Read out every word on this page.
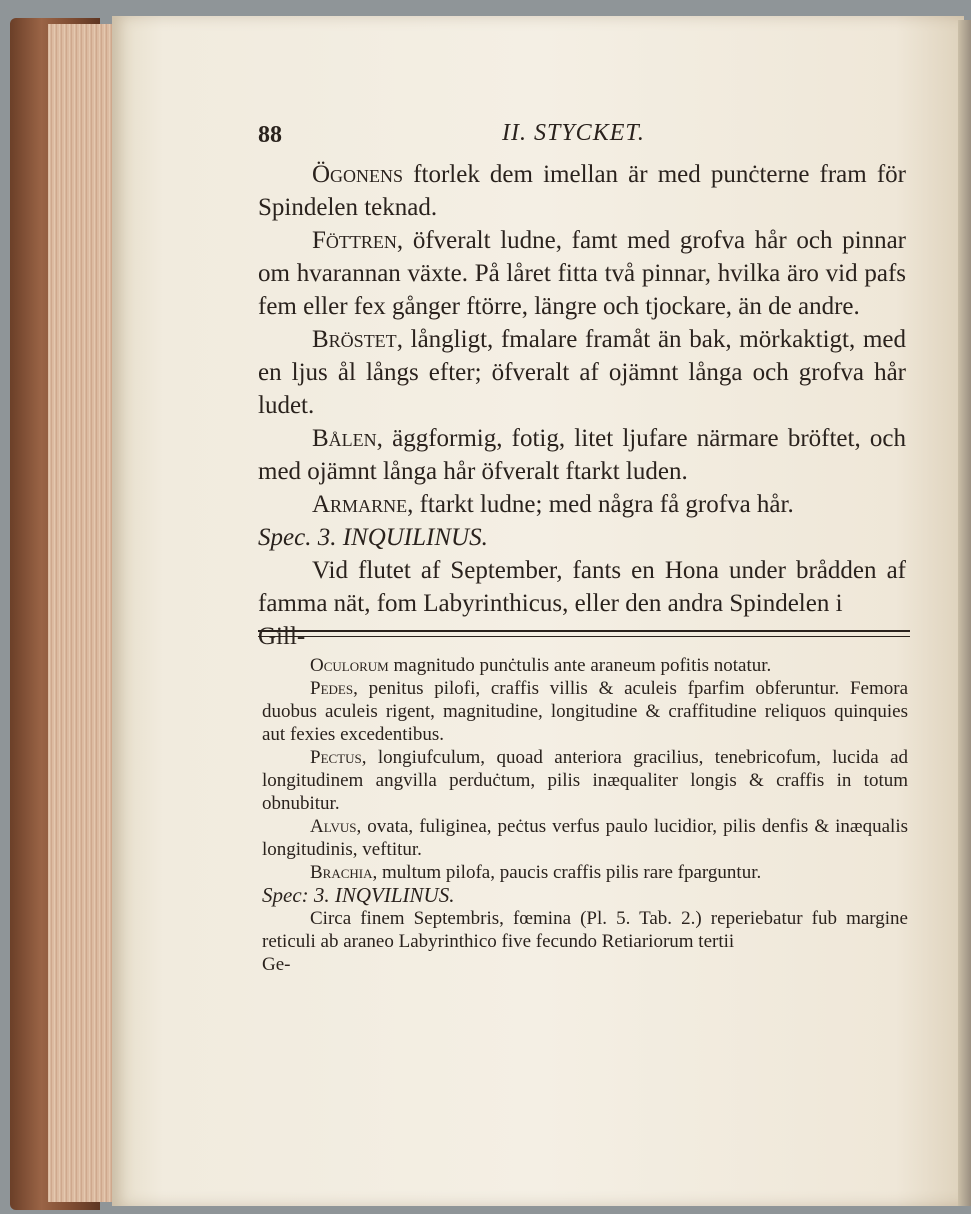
88	II. STYCKET.

Ögonens ftorlek dem imellan är med punċterne fram för Spindelen teknad.

Föttren, öfveralt ludne, famt med grofva hår och pinnar om hvarannan växte. På låret fitta två pinnar, hvilka äro vid pafs fem eller fex gånger ftörre, längre och tjockare, än de andre.

Bröstet, långligt, fmalare framåt än bak, mörkaktigt, med en ljus ål långs efter; öfveralt af ojämnt långa och grofva hår ludet.

Bålen, äggformig, fotig, litet ljufare närmare bröftet, och med ojämnt långa hår öfveralt ftarkt luden.

Armarne, ftarkt ludne; med några få grofva hår.

Spec. 3. INQUILINUS.

Vid flutet af September, fants en Hona under brådden af famma nät, fom Labyrinthicus, eller den andra Spindelen i

Gill-

Oculorum magnitudo punċtulis ante araneum pofitis notatur.

Pedes, penitus pilofi, craffis villis & aculeis fparfim obferuntur. Femora duobus aculeis rigent, magnitudine, longitudine & craffitudine reliquos quinquies aut fexies excedentibus.

Pectus, longiufculum, quoad anteriora gracilius, tenebricofum, lucida ad longitudinem angvilla perduċtum, pilis inæqualiter longis & craffis in totum obnubitur.

Alvus, ovata, fuliginea, peċtus verfus paulo lucidior, pilis denfis & inæqualis longitudinis, veftitur.

Brachia, multum pilofa, paucis craffis pilis rare fparguntur.

Spec: 3. INQVILINUS.

Circa finem Septembris, fœmina (Pl. 5. Tab. 2.) reperiebatur fub margine reticuli ab araneo Labyrinthico five fecundo Retiariorum tertii

Ge-
